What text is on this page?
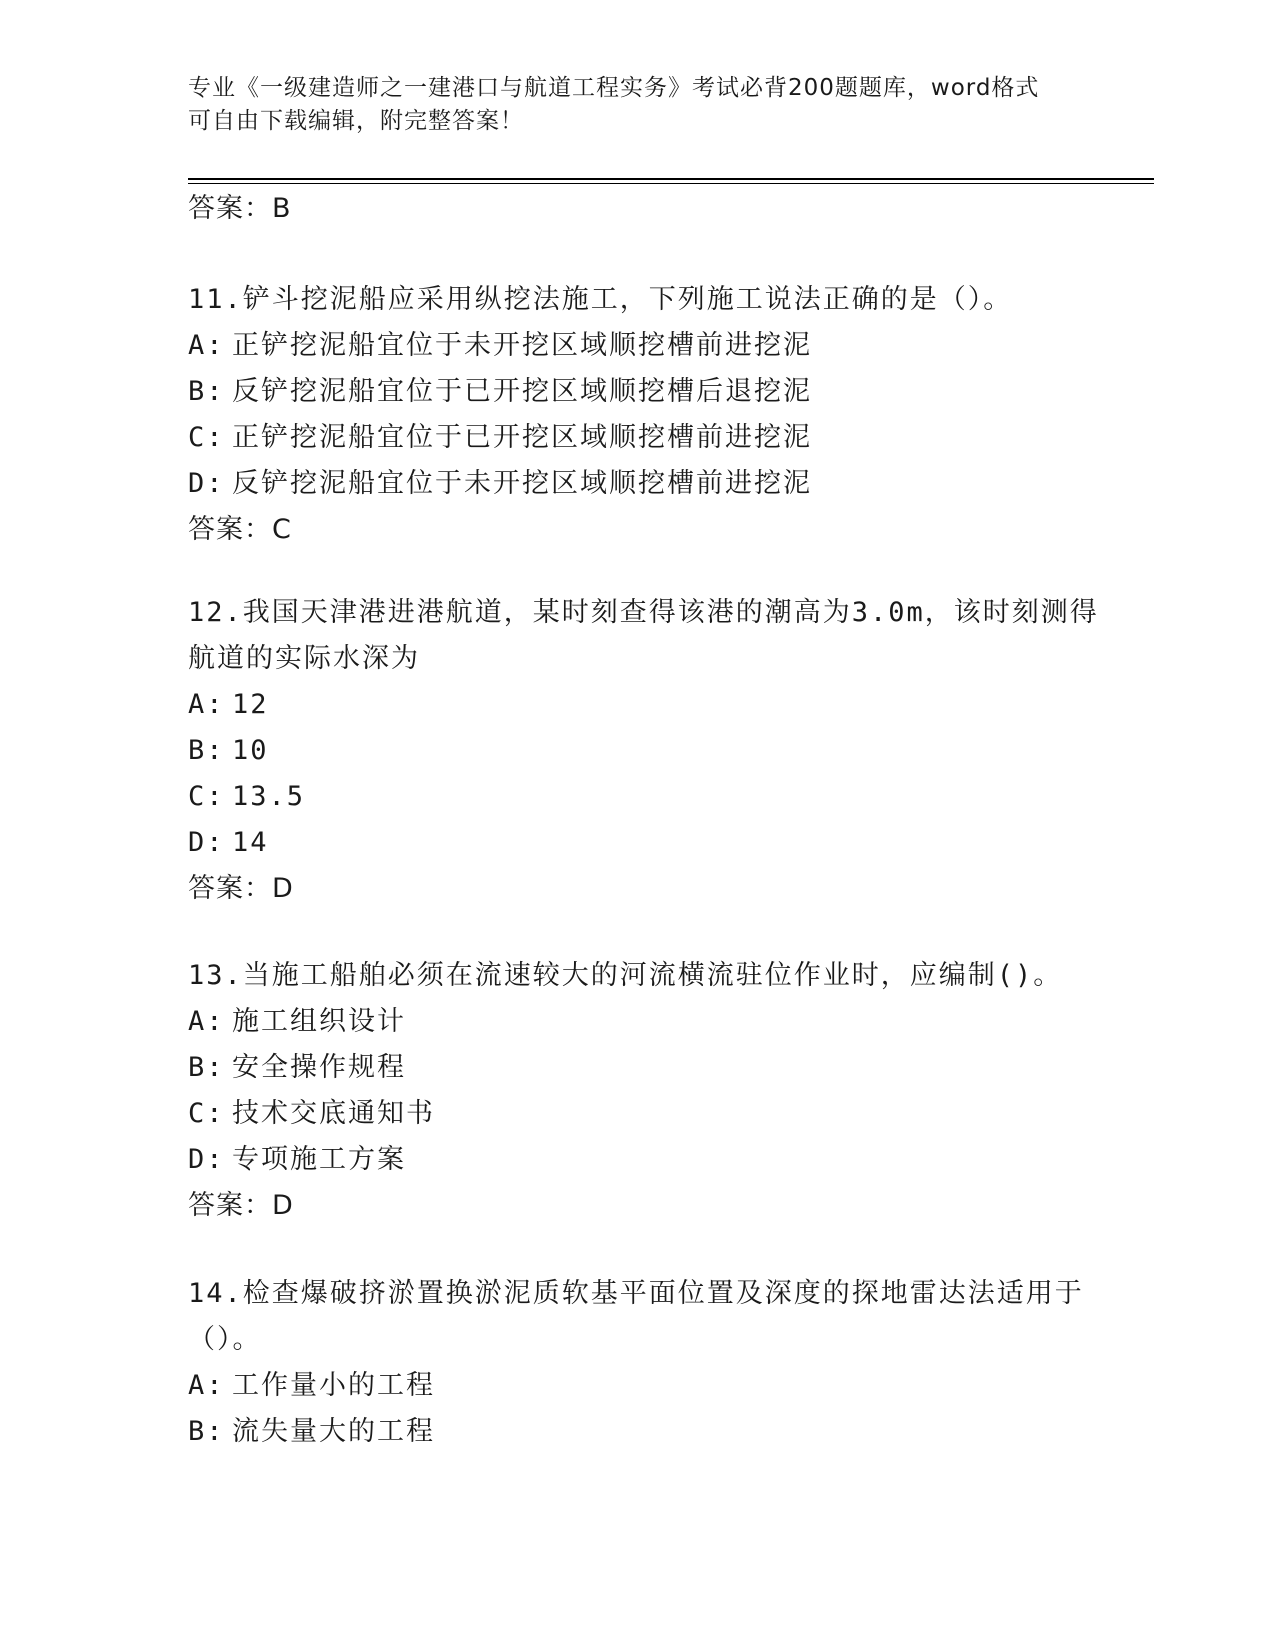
专业《一级建造师之一建港口与航道工程实务》考试必背200题题库，word格式
可自由下载编辑，附完整答案！
答案：B
11.铲斗挖泥船应采用纵挖法施工，下列施工说法正确的是（）。
A: 正铲挖泥船宜位于未开挖区域顺挖槽前进挖泥
B: 反铲挖泥船宜位于已开挖区域顺挖槽后退挖泥
C: 正铲挖泥船宜位于已开挖区域顺挖槽前进挖泥
D: 反铲挖泥船宜位于未开挖区域顺挖槽前进挖泥
答案：C
12.我国天津港进港航道，某时刻查得该港的潮高为3.0m，该时刻测得
航道的实际水深为
A: 12
B: 10
C: 13.5
D: 14
答案：D
13.当施工船舶必须在流速较大的河流横流驻位作业时，应编制()。
A: 施工组织设计
B: 安全操作规程
C: 技术交底通知书
D: 专项施工方案
答案：D
14.检查爆破挤淤置换淤泥质软基平面位置及深度的探地雷达法适用于
（）。
A: 工作量小的工程
B: 流失量大的工程
